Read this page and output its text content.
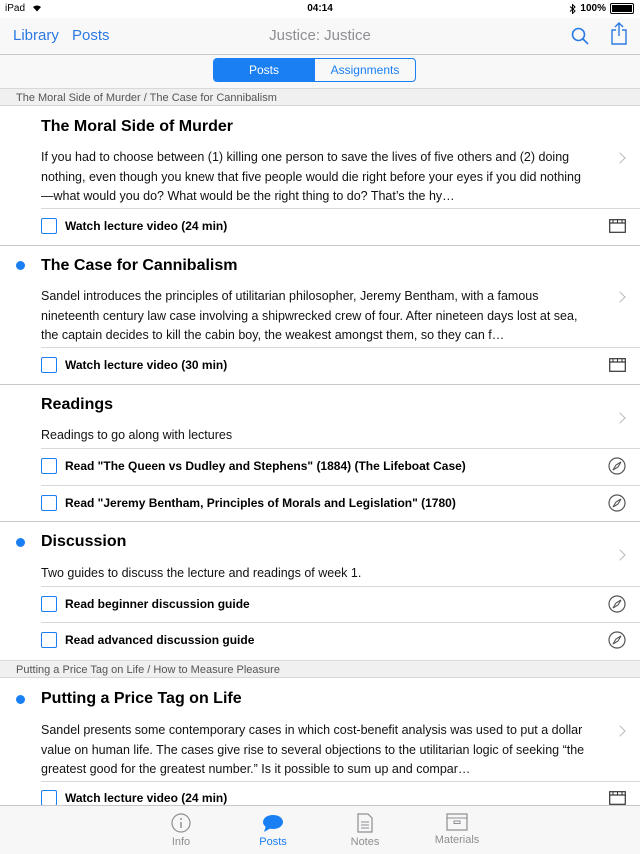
iPad	04:14	100%
Library Posts	Justice: Justice
Posts	Assignments
The Moral Side of Murder / The Case for Cannibalism
The Moral Side of Murder
If you had to choose between (1) killing one person to save the lives of five others and (2) doing nothing, even though you knew that five people would die right before your eyes if you did nothing—what would you do? What would be the right thing to do? That’s the hy…
Watch lecture video (24 min)
The Case for Cannibalism
Sandel introduces the principles of utilitarian philosopher, Jeremy Bentham, with a famous nineteenth century law case involving a shipwrecked crew of four. After nineteen days lost at sea, the captain decides to kill the cabin boy, the weakest amongst them, so they can f…
Watch lecture video (30 min)
Readings
Readings to go along with lectures
Read "The Queen vs Dudley and Stephens" (1884) (The Lifeboat Case)
Read "Jeremy Bentham, Principles of Morals and Legislation" (1780)
Discussion
Two guides to discuss the lecture and readings of week 1.
Read beginner discussion guide
Read advanced discussion guide
Putting a Price Tag on Life / How to Measure Pleasure
Putting a Price Tag on Life
Sandel presents some contemporary cases in which cost-benefit analysis was used to put a dollar value on human life. The cases give rise to several objections to the utilitarian logic of seeking “the greatest good for the greatest number.” Is it possible to sum up and compar…
Watch lecture video (24 min)
Info	Posts	Notes	Materials
